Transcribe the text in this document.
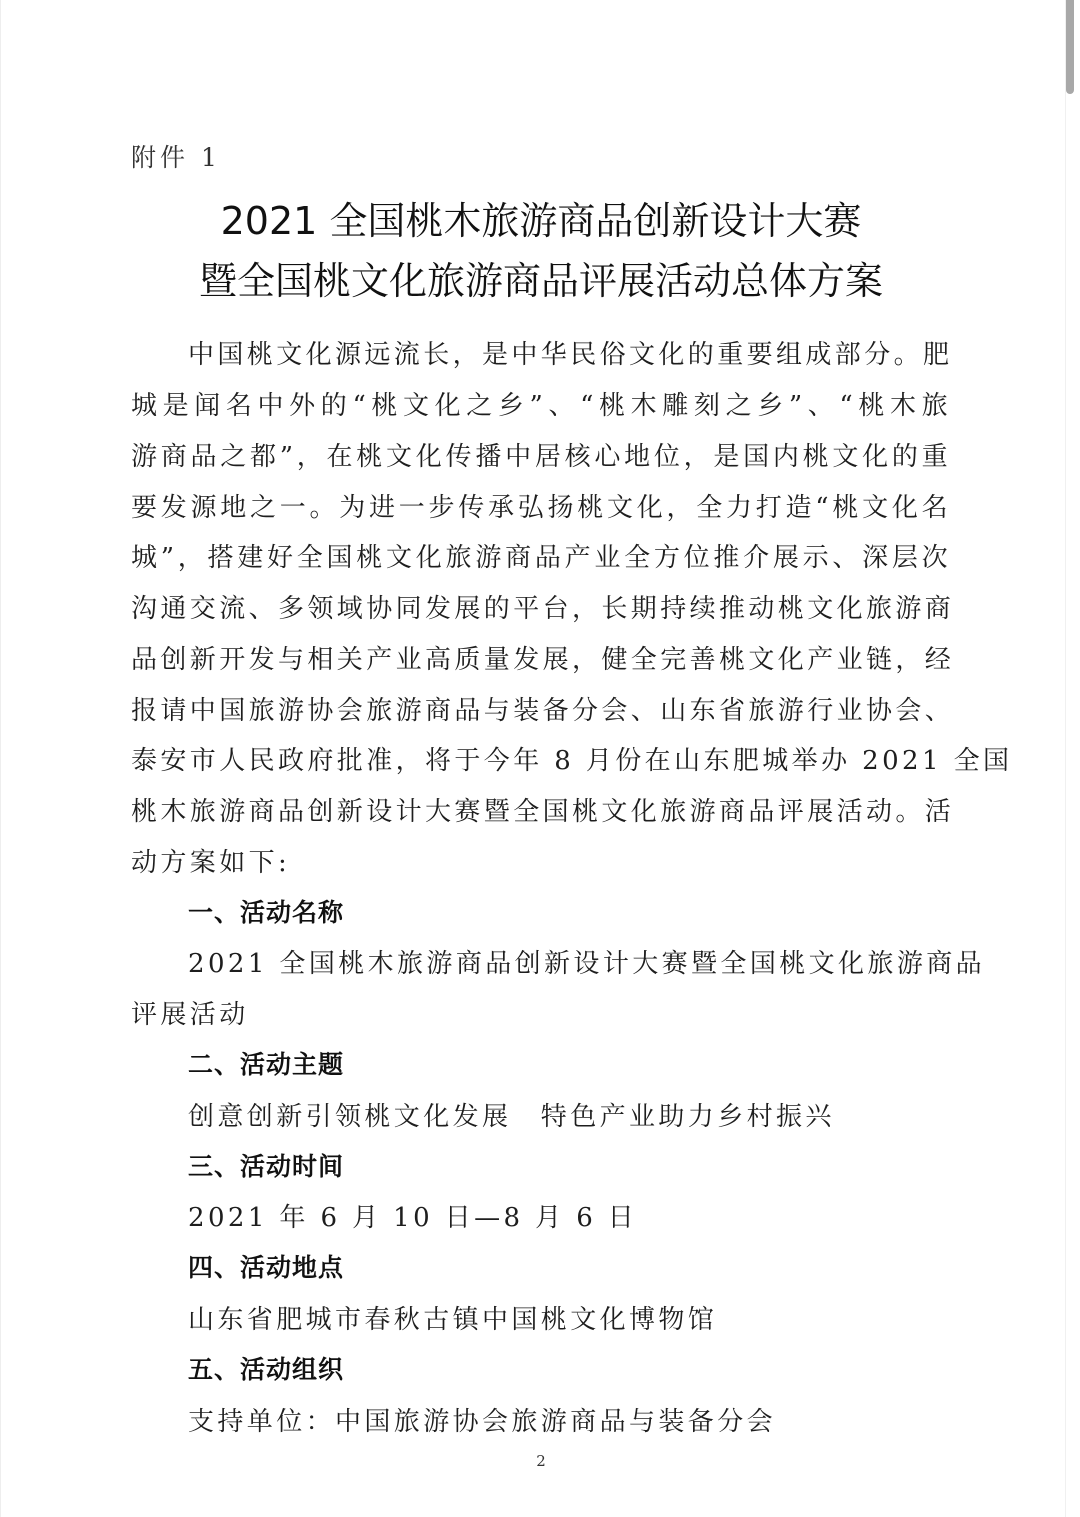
附件 1
2021 全国桃木旅游商品创新设计大赛
暨全国桃文化旅游商品评展活动总体方案
中国桃文化源远流长，是中华民俗文化的重要组成部分。肥
城是闻名中外的“桃文化之乡”、“桃木雕刻之乡”、“桃木旅
游商品之都”，在桃文化传播中居核心地位，是国内桃文化的重
要发源地之一。为进一步传承弘扬桃文化，全力打造“桃文化名
城”，搭建好全国桃文化旅游商品产业全方位推介展示、深层次
沟通交流、多领域协同发展的平台，长期持续推动桃文化旅游商
品创新开发与相关产业高质量发展，健全完善桃文化产业链，经
报请中国旅游协会旅游商品与装备分会、山东省旅游行业协会、
泰安市人民政府批准，将于今年 8 月份在山东肥城举办 2021 全国
桃木旅游商品创新设计大赛暨全国桃文化旅游商品评展活动。活
动方案如下:
一、活动名称
2021 全国桃木旅游商品创新设计大赛暨全国桃文化旅游商品
评展活动
二、活动主题
创意创新引领桃文化发展　特色产业助力乡村振兴
三、活动时间
2021 年 6 月 10 日—8 月 6 日
四、活动地点
山东省肥城市春秋古镇中国桃文化博物馆
五、活动组织
支持单位：中国旅游协会旅游商品与装备分会
2
